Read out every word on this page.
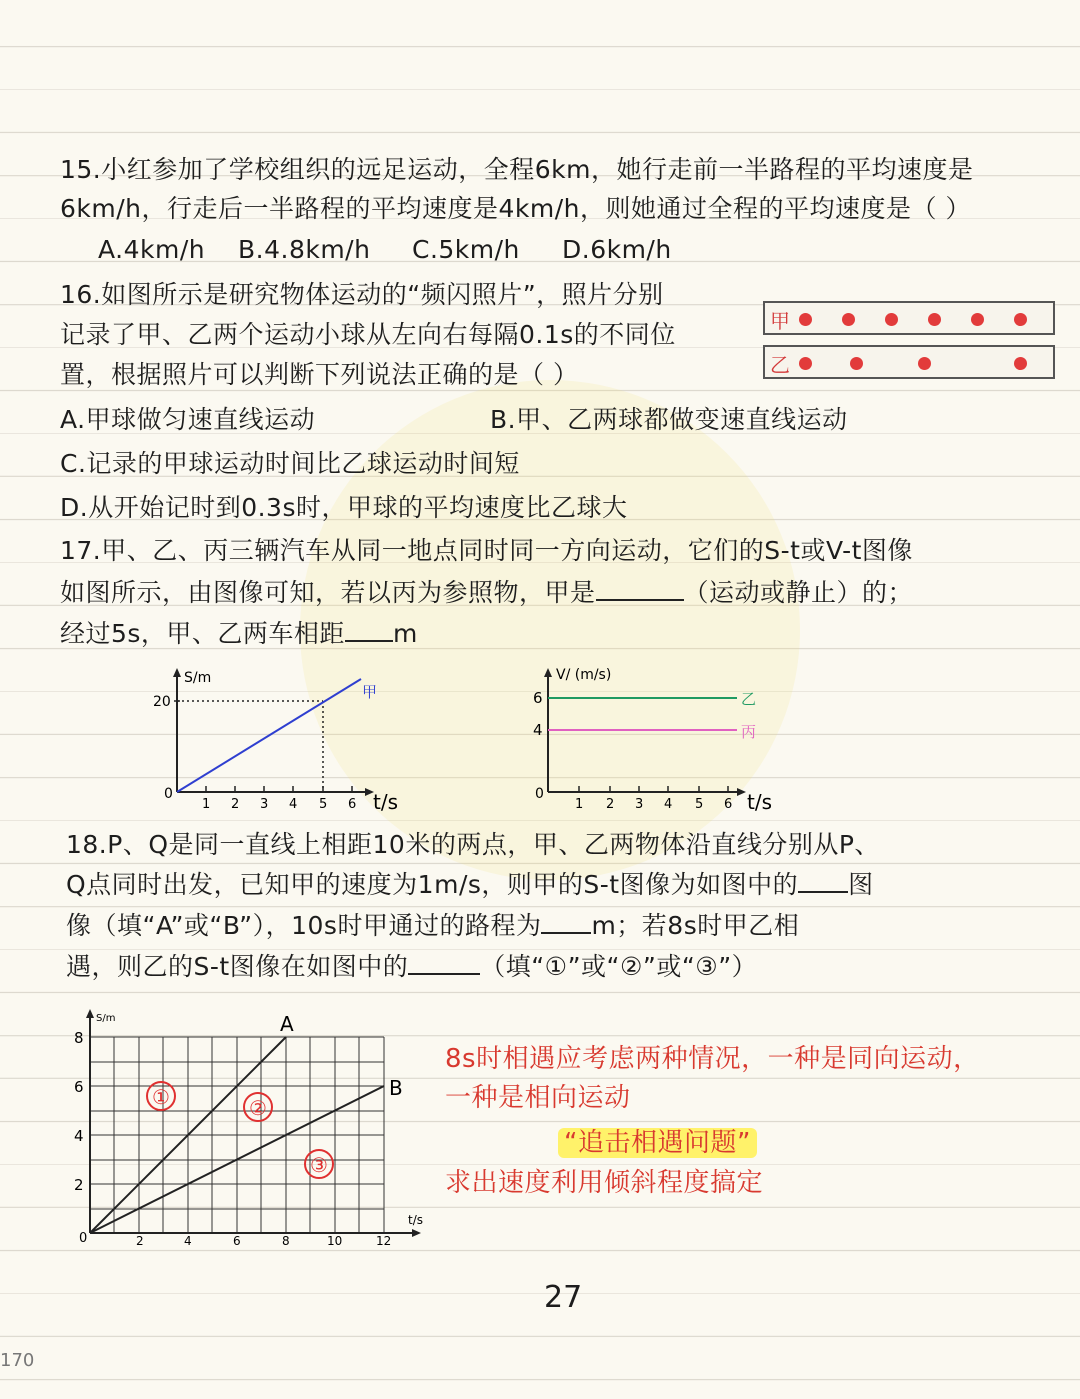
15.小红参加了学校组织的远足运动，全程6km，她行走前一半路程的平均速度是
6km/h，行走后一半路程的平均速度是4km/h，则她通过全程的平均速度是（ ）
A.4km/h B.4.8km/h C.5km/h D.6km/h
16.如图所示是研究物体运动的“频闪照片”，照片分别
记录了甲、乙两个运动小球从左向右每隔0.1s的不同位
置，根据照片可以判断下列说法正确的是（ ）
甲
乙
A.甲球做匀速直线运动	B.甲、乙两球都做变速直线运动
C.记录的甲球运动时间比乙球运动时间短
D.从开始记时到0.3s时，甲球的平均速度比乙球大
17.甲、乙、丙三辆汽车从同一地点同时同一方向运动，它们的S-t或V-t图像
如图所示，由图像可知，若以丙为参照物，甲是	（运动或静止）的；
经过5s，甲、乙两车相距 m
S/m
t/s
0
20
1 2 3 4 5 6
甲
V/ (m/s)
t/s
0
6
4
乙
丙
1 2 3 4 5 6
18.P、Q是同一直线上相距10米的两点，甲、乙两物体沿直线分别从P、
Q点同时出发，已知甲的速度为1m/s，则甲的S-t图像为如图中的 图
像（填“A”或“B”），10s时甲通过的路程为 m；若8s时甲乙相
遇，则乙的S-t图像在如图中的	（填“①”或“②”或“③”）
S/m
t/s
0
2
4
6
8
2	4	6	8	10	12
A
B
①	②
③
8s时相遇应考虑两种情况，一种是同向运动，
一种是相向运动
“追击相遇问题”
求出速度利用倾斜程度搞定
27
170
